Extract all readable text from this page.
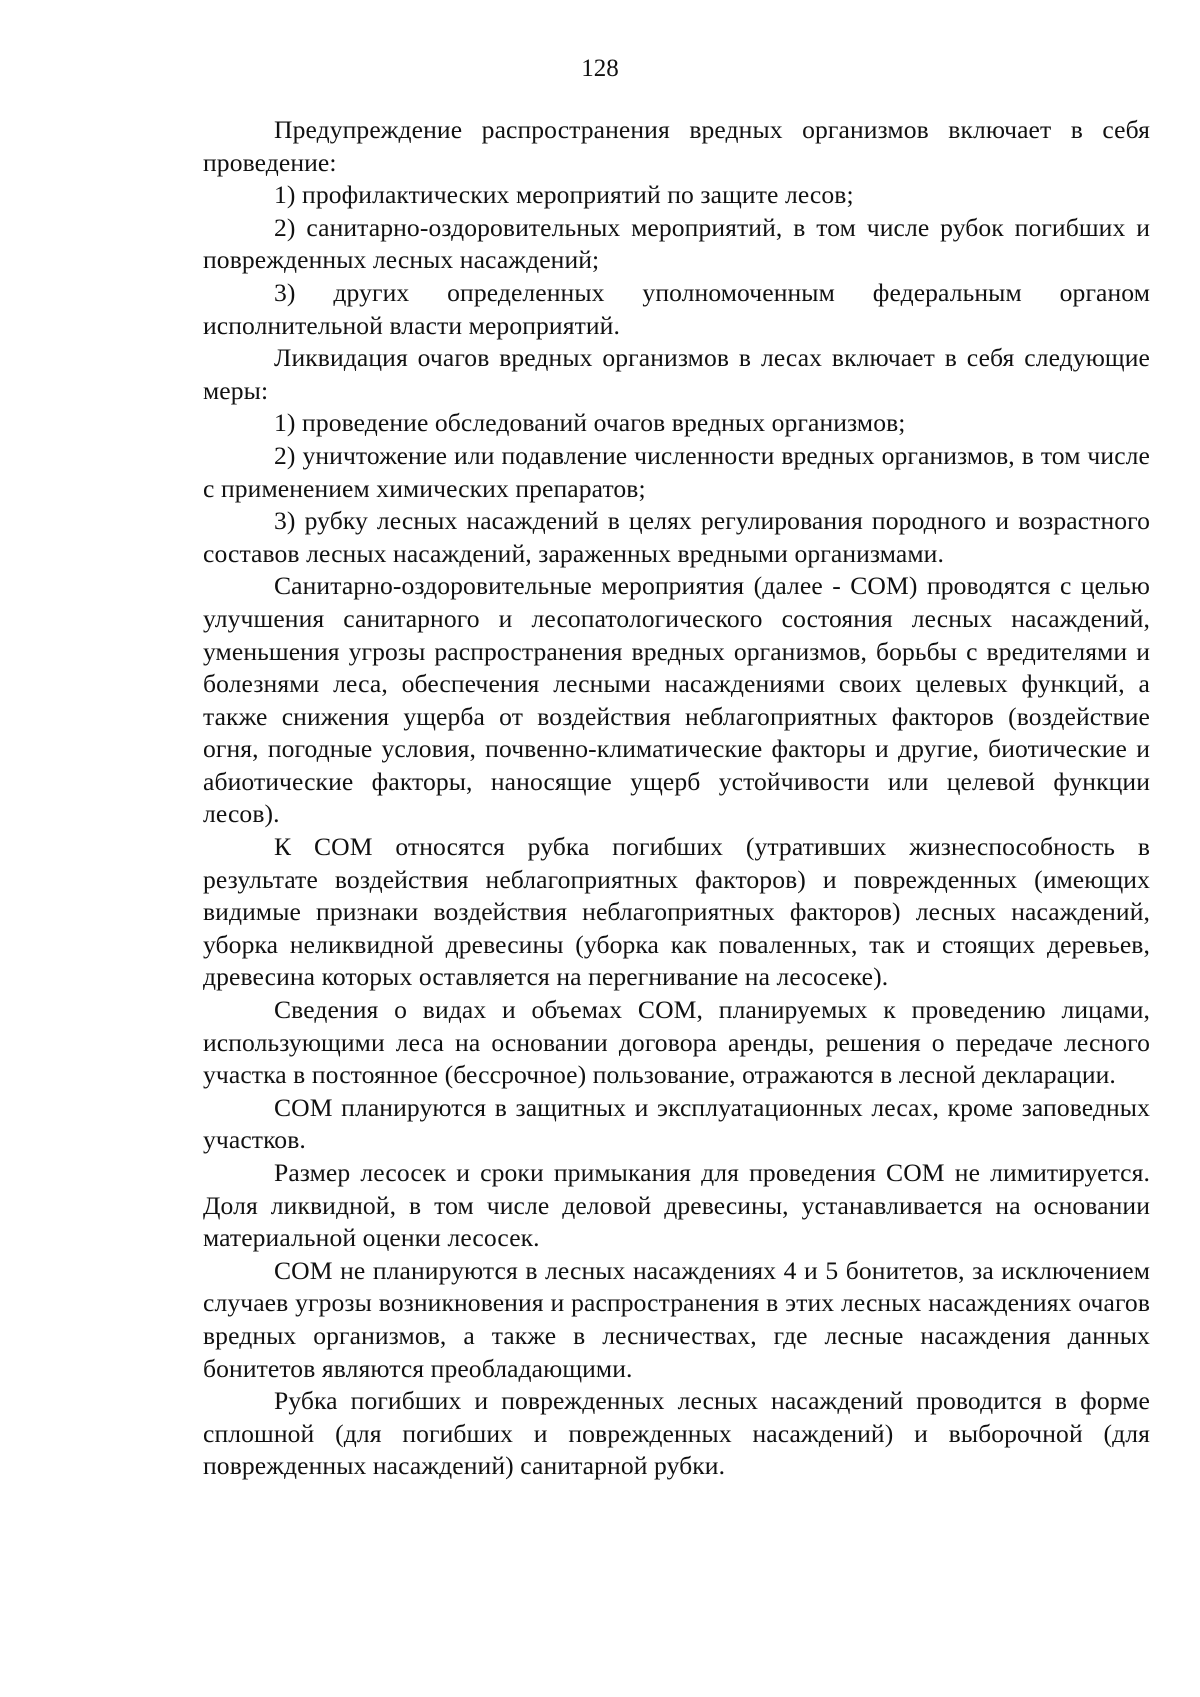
128

Предупреждение распространения вредных организмов включает в себя проведение:

1) профилактических мероприятий по защите лесов;

2) санитарно-оздоровительных мероприятий, в том числе рубок погибших и поврежденных лесных насаждений;

3) других определенных уполномоченным федеральным органом исполнительной власти мероприятий.

Ликвидация очагов вредных организмов в лесах включает в себя следующие меры:

1) проведение обследований очагов вредных организмов;

2) уничтожение или подавление численности вредных организмов, в том числе с применением химических препаратов;

3) рубку лесных насаждений в целях регулирования породного и возрастного составов лесных насаждений, зараженных вредными организмами.

Санитарно-оздоровительные мероприятия (далее - СОМ) проводятся с целью улучшения санитарного и лесопатологического состояния лесных насаждений, уменьшения угрозы распространения вредных организмов, борьбы с вредителями и болезнями леса, обеспечения лесными насаждениями своих целевых функций, а также снижения ущерба от воздействия неблагоприятных факторов (воздействие огня, погодные условия, почвенно-климатические факторы и другие, биотические и абиотические факторы, наносящие ущерб устойчивости или целевой функции лесов).

К СОМ относятся рубка погибших (утративших жизнеспособность в результате воздействия неблагоприятных факторов) и поврежденных (имеющих видимые признаки воздействия неблагоприятных факторов) лесных насаждений, уборка неликвидной древесины (уборка как поваленных, так и стоящих деревьев, древесина которых оставляется на перегнивание на лесосеке).

Сведения о видах и объемах СОМ, планируемых к проведению лицами, использующими леса на основании договора аренды, решения о передаче лесного участка в постоянное (бессрочное) пользование, отражаются в лесной декларации.

СОМ планируются в защитных и эксплуатационных лесах, кроме заповедных участков.

Размер лесосек и сроки примыкания для проведения СОМ не лимитируется. Доля ликвидной, в том числе деловой древесины, устанавливается на основании материальной оценки лесосек.

СОМ не планируются в лесных насаждениях 4 и 5 бонитетов, за исключением случаев угрозы возникновения и распространения в этих лесных насаждениях очагов вредных организмов, а также в лесничествах, где лесные насаждения данных бонитетов являются преобладающими.

Рубка погибших и поврежденных лесных насаждений проводится в форме сплошной (для погибших и поврежденных насаждений) и выборочной (для поврежденных насаждений) санитарной рубки.
